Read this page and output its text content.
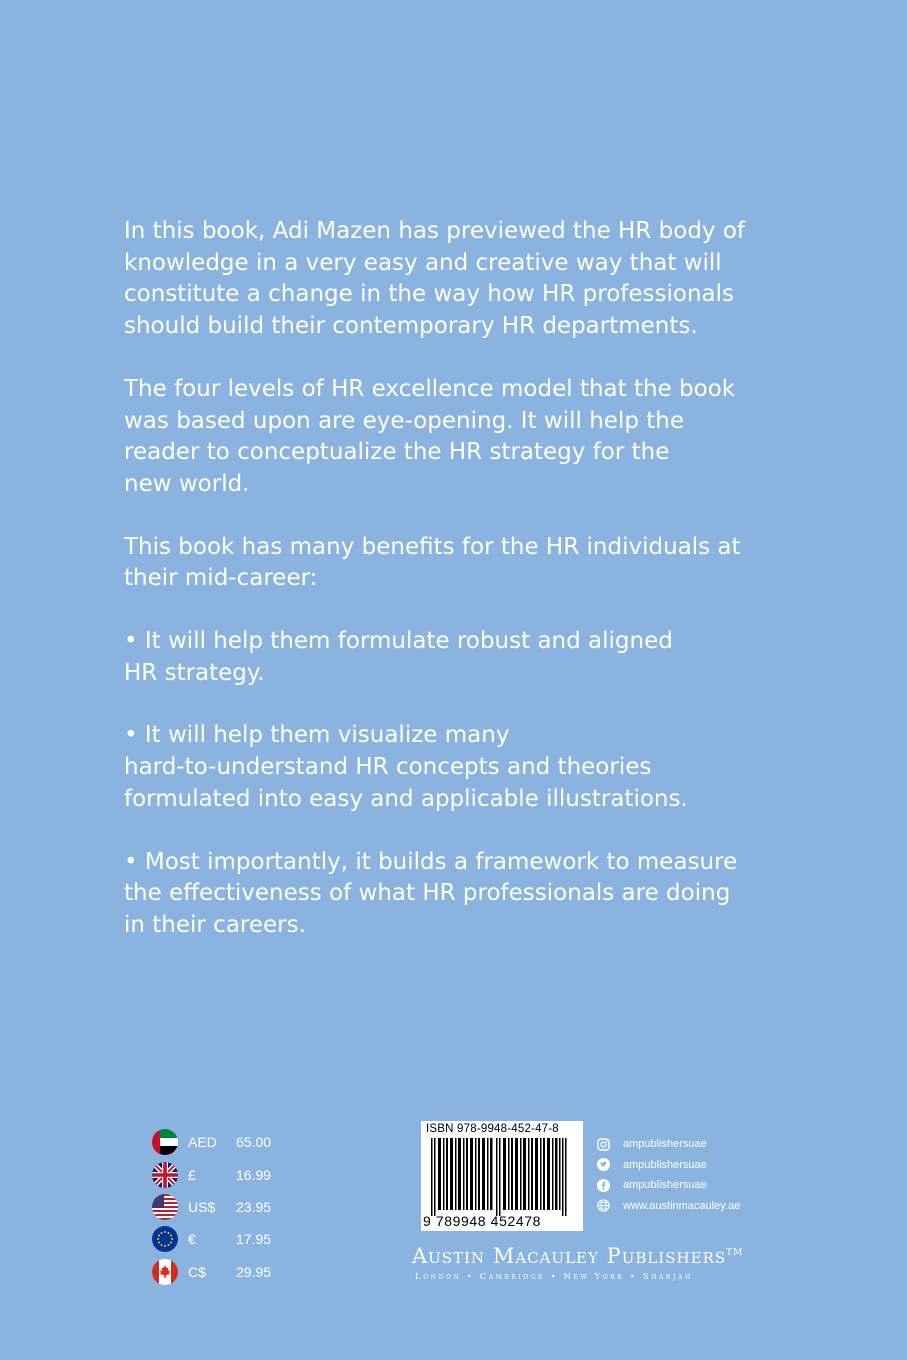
In this book, Adi Mazen has previewed the HR body of
knowledge in a very easy and creative way that will
constitute a change in the way how HR professionals
should build their contemporary HR departments.

The four levels of HR excellence model that the book
was based upon are eye-opening. It will help the
reader to conceptualize the HR strategy for the
new world.

This book has many benefits for the HR individuals at
their mid-career:

• It will help them formulate robust and aligned
HR strategy.

• It will help them visualize many
hard-to-understand HR concepts and theories
formulated into easy and applicable illustrations.

• Most importantly, it builds a framework to measure
the effectiveness of what HR professionals are doing
in their careers.

AED	65.00
£	16.99
US$	23.95
€	17.95
C$	29.95
ISBN 978-9948-452-47-8
9 789948 452478
ampublishersuae
ampublishersuae
ampublishersuae
www.austinmacauley.ae
Austin Macauley Publishers™
London • Cambridge • New York • Sharjah
